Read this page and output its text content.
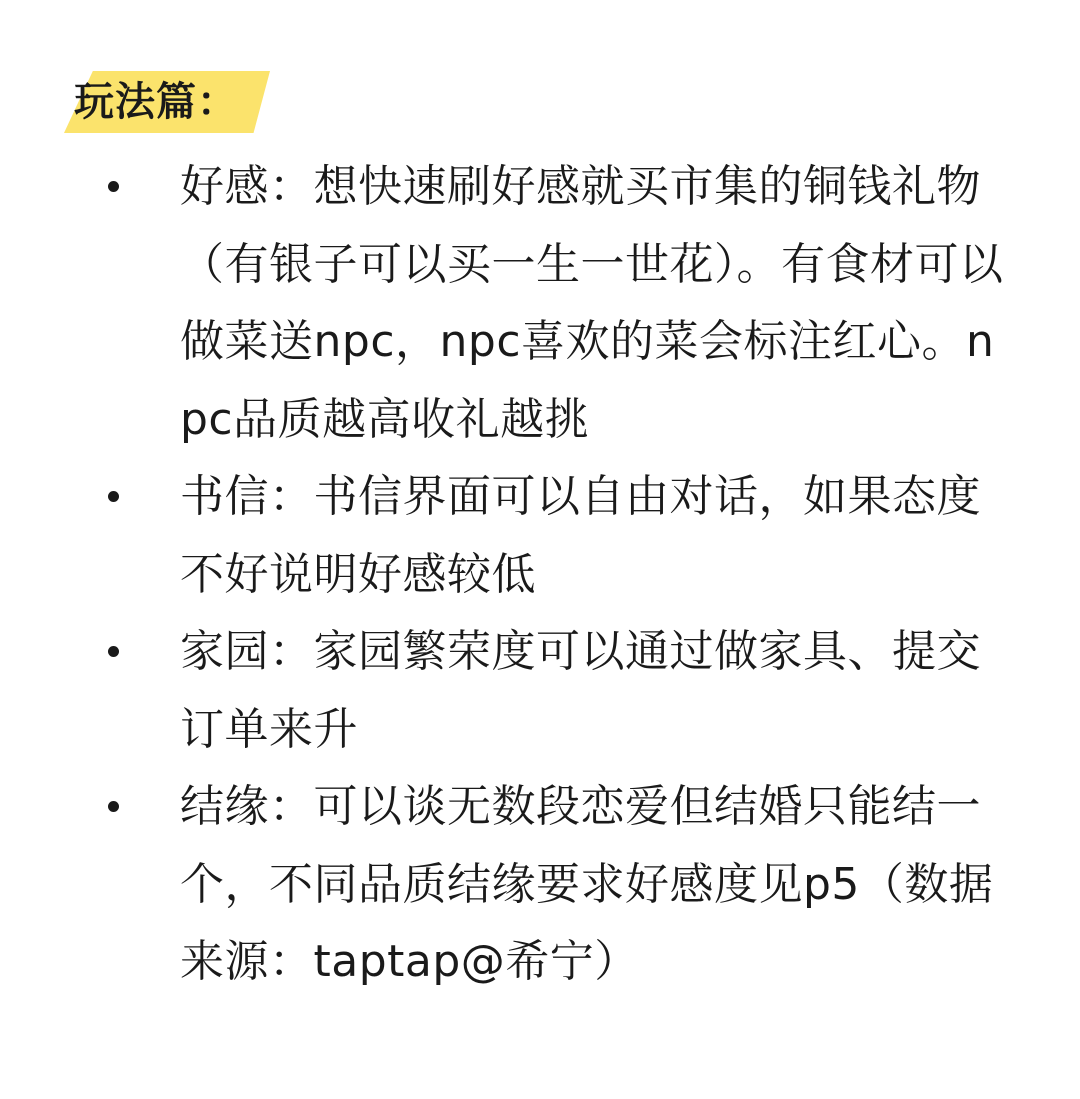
玩法篇：

好感：想快速刷好感就买市集的铜钱礼物（有银子可以买一生一世花）。有食材可以做菜送npc，npc喜欢的菜会标注红心。npc品质越高收礼越挑

书信：书信界面可以自由对话，如果态度不好说明好感较低

家园：家园繁荣度可以通过做家具、提交订单来升

结缘：可以谈无数段恋爱但结婚只能结一个，不同品质结缘要求好感度见p5（数据来源：taptap@希宁）
